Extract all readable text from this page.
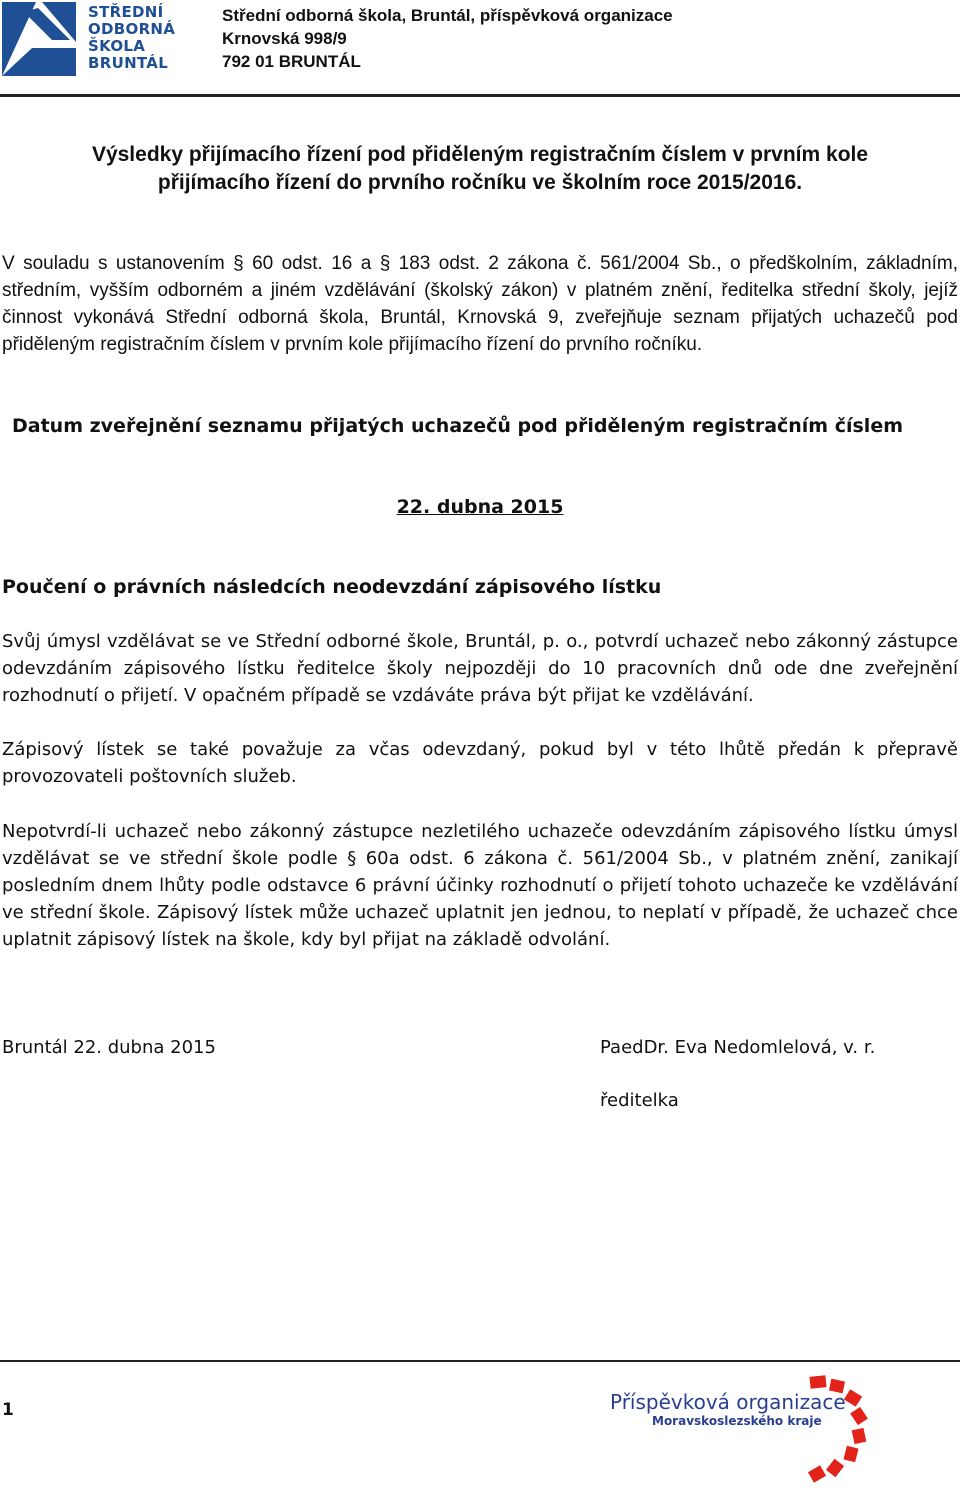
STŘEDNÍ
ODBORNÁ
ŠKOLA
BRUNTÁL
Střední odborná škola, Bruntál, příspěvková organizace
Krnovská 998/9
792 01 BRUNTÁL
Výsledky přijímacího řízení pod přiděleným registračním číslem v prvním kole
přijímacího řízení do prvního ročníku ve školním roce 2015/2016.
V souladu s ustanovením § 60 odst. 16 a § 183 odst. 2 zákona č. 561/2004 Sb., o předškolním, základním, středním, vyšším odborném a jiném vzdělávání (školský zákon) v platném znění, ředitelka střední školy, jejíž činnost vykonává Střední odborná škola, Bruntál, Krnovská 9, zveřejňuje seznam přijatých uchazečů pod přiděleným registračním číslem v prvním kole přijímacího řízení do prvního ročníku.
Datum zveřejnění seznamu přijatých uchazečů pod přiděleným registračním číslem
22. dubna 2015
Poučení o právních následcích neodevzdání zápisového lístku
Svůj úmysl vzdělávat se ve Střední odborné škole, Bruntál, p. o., potvrdí uchazeč nebo zákonný zástupce odevzdáním zápisového lístku ředitelce školy nejpozději do 10 pracovních dnů ode dne zveřejnění rozhodnutí o přijetí. V opačném případě se vzdáváte práva být přijat ke vzdělávání.
Zápisový lístek se také považuje za včas odevzdaný, pokud byl v této lhůtě předán k přepravě provozovateli poštovních služeb.
Nepotvrdí-li uchazeč nebo zákonný zástupce nezletilého uchazeče odevzdáním zápisového lístku úmysl vzdělávat se ve střední škole podle § 60a odst. 6 zákona č. 561/2004 Sb., v platném znění, zanikají posledním dnem lhůty podle odstavce 6 právní účinky rozhodnutí o přijetí tohoto uchazeče ke vzdělávání ve střední škole. Zápisový lístek může uchazeč uplatnit jen jednou, to neplatí v případě, že uchazeč chce uplatnit zápisový lístek na škole, kdy byl přijat na základě odvolání.
Bruntál 22. dubna 2015	PaedDr. Eva Nedomlelová, v. r.
ředitelka
1	Příspěvková organizace
Moravskoslezského kraje
